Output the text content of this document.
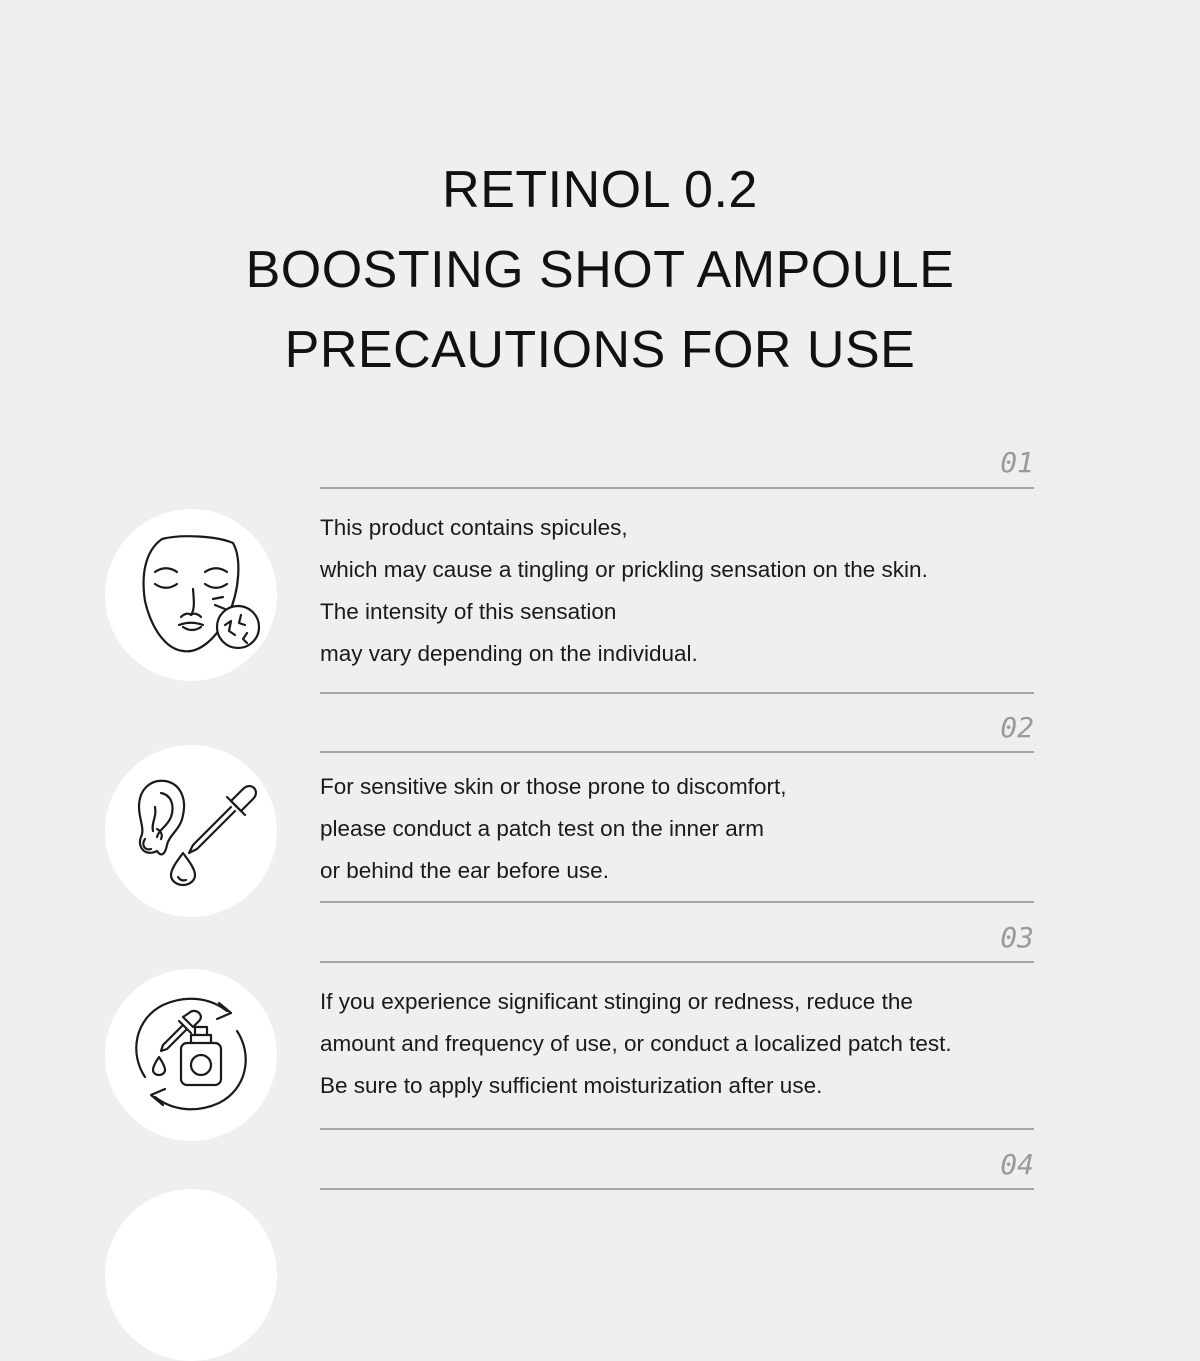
RETINOL 0.2
BOOSTING SHOT AMPOULE
PRECAUTIONS FOR USE
01
This product contains spicules,
which may cause a tingling or prickling sensation on the skin.
The intensity of this sensation
may vary depending on the individual.
02
For sensitive skin or those prone to discomfort,
please conduct a patch test on the inner arm
or behind the ear before use.
03
If you experience significant stinging or redness, reduce the
amount and frequency of use, or conduct a localized patch test.
Be sure to apply sufficient moisturization after use.
04
